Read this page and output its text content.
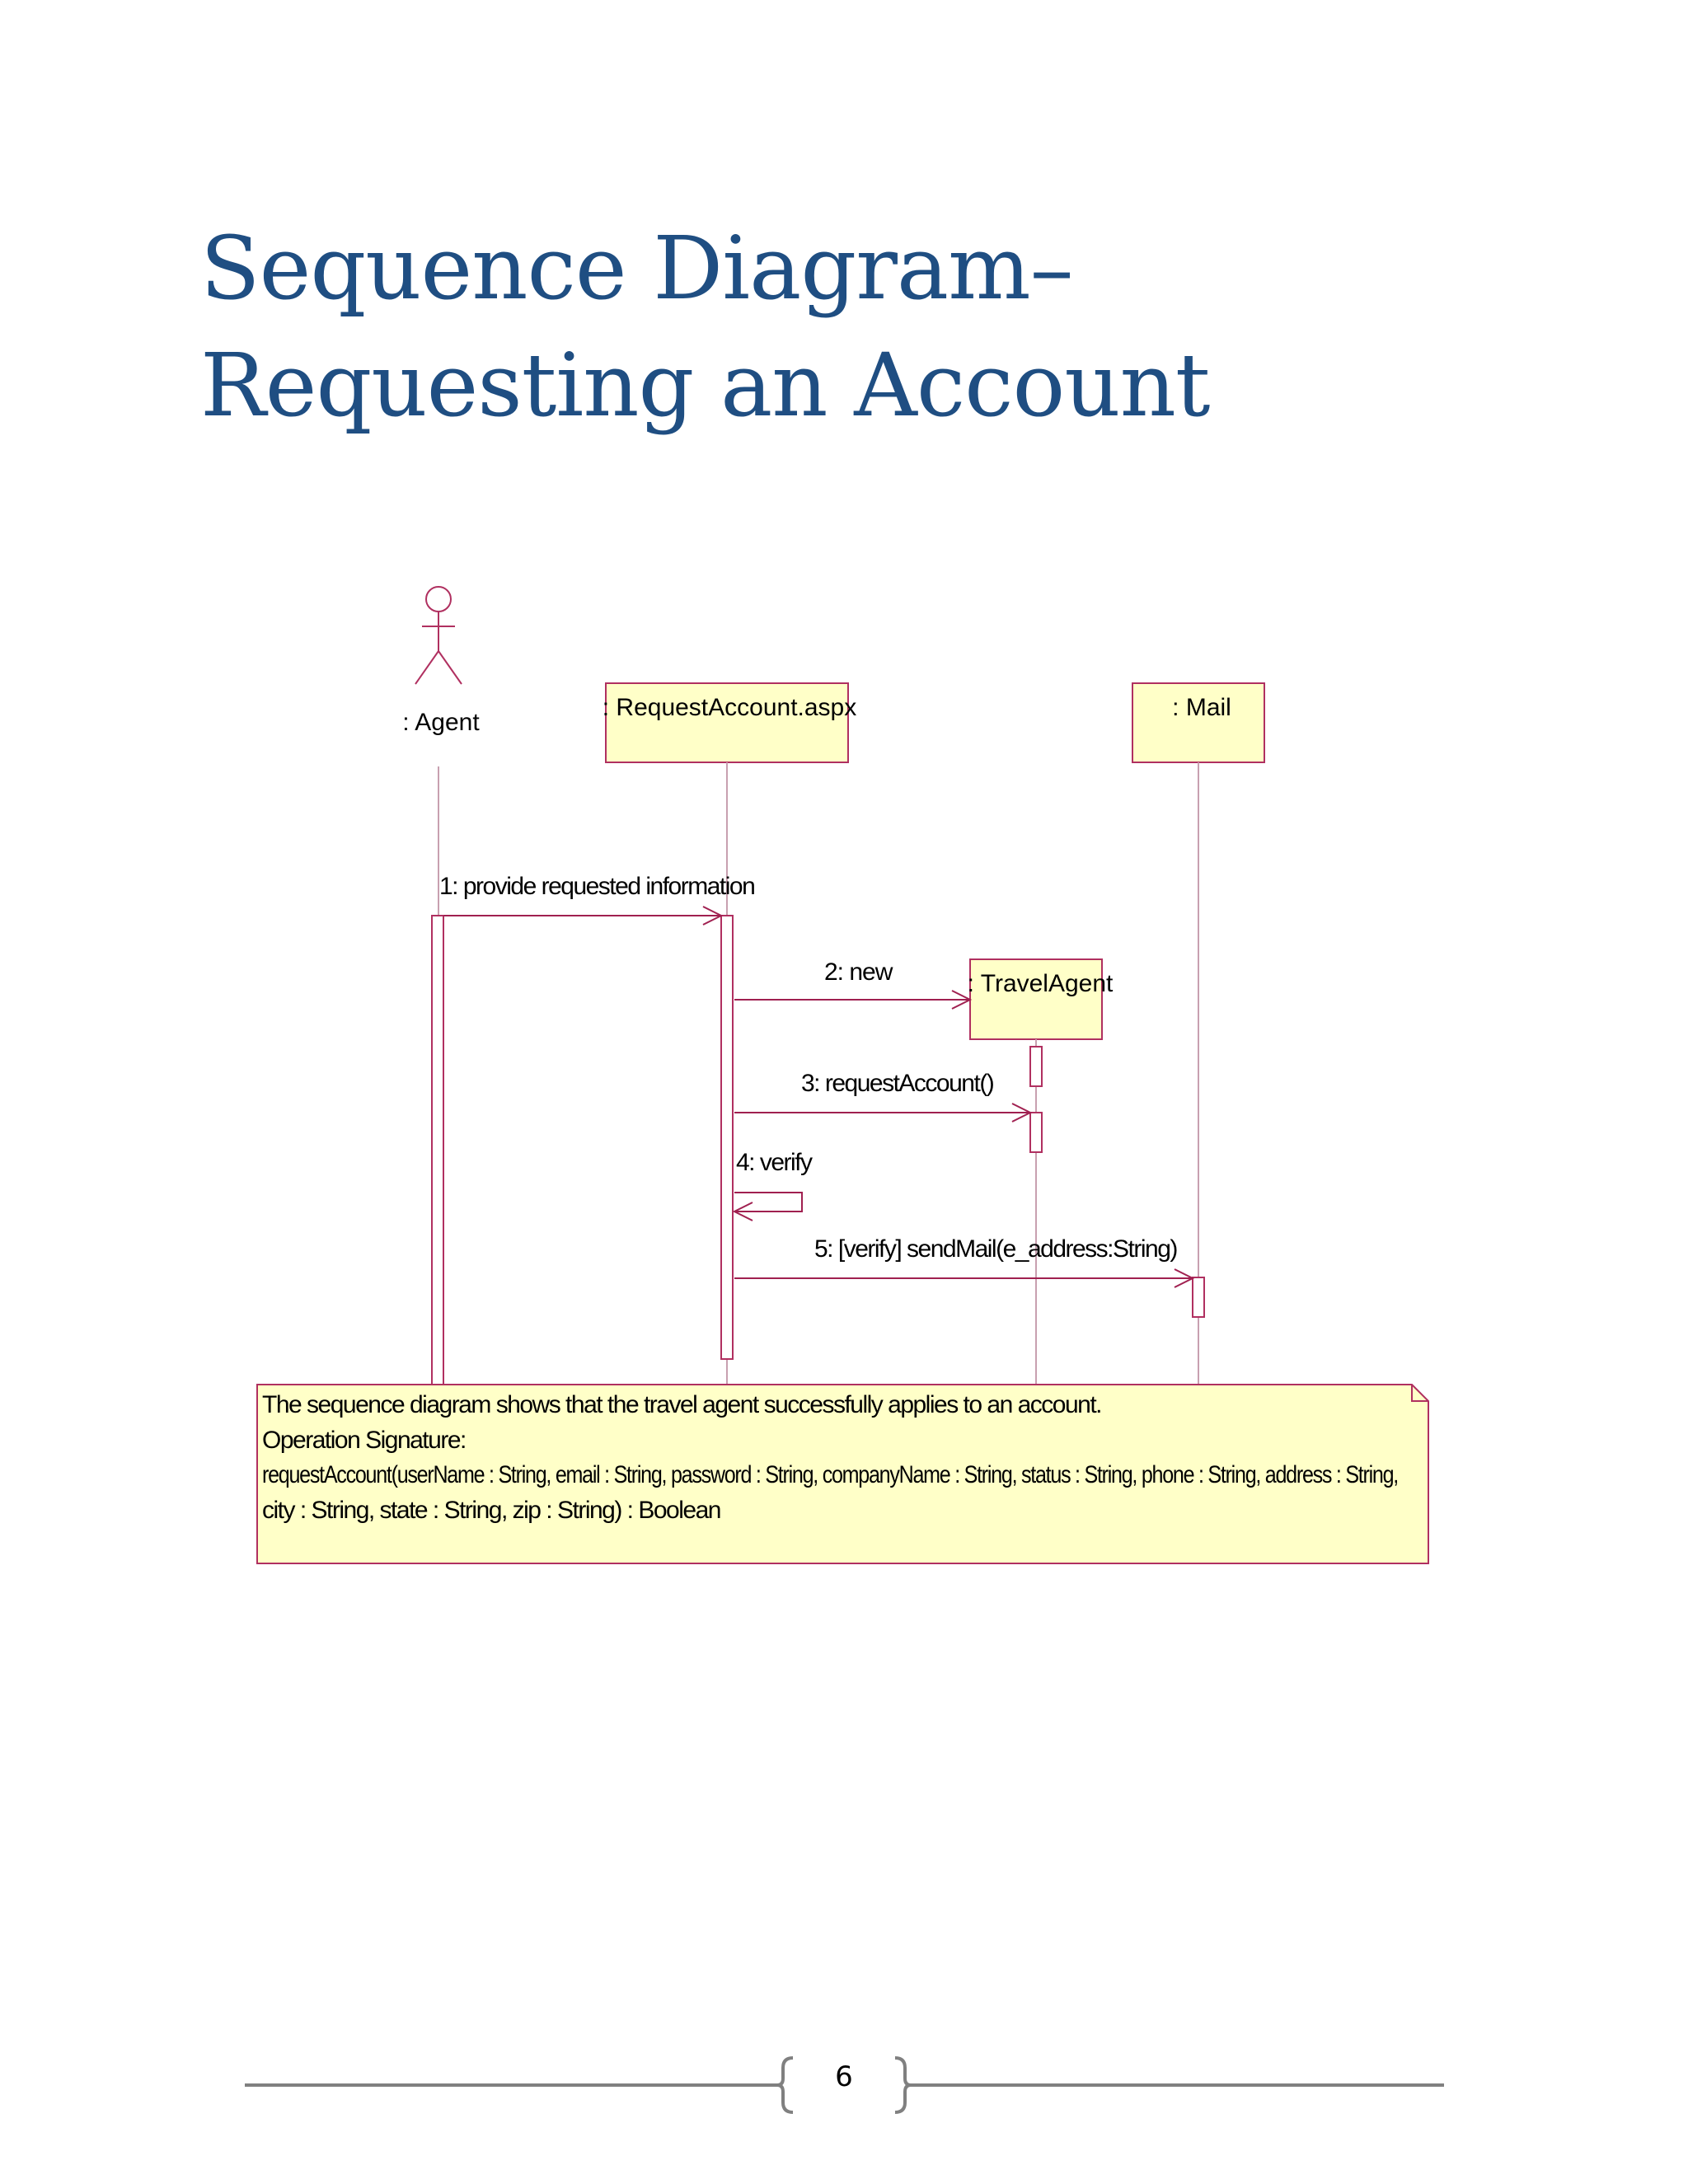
Sequence Diagram–
Requesting an Account
: Agent
: RequestAccount.aspx	: Mail
: TravelAgent
1: provide requested information
2: new
3: requestAccount()
4: verify
5: [verify] sendMail(e_address:String)
The sequence diagram shows that the travel agent successfully applies to an account.
Operation Signature:
requestAccount(userName : String, email : String, password : String, companyName : String, status : String, phone : String, address : String,
city : String, state : String, zip : String) : Boolean
6
